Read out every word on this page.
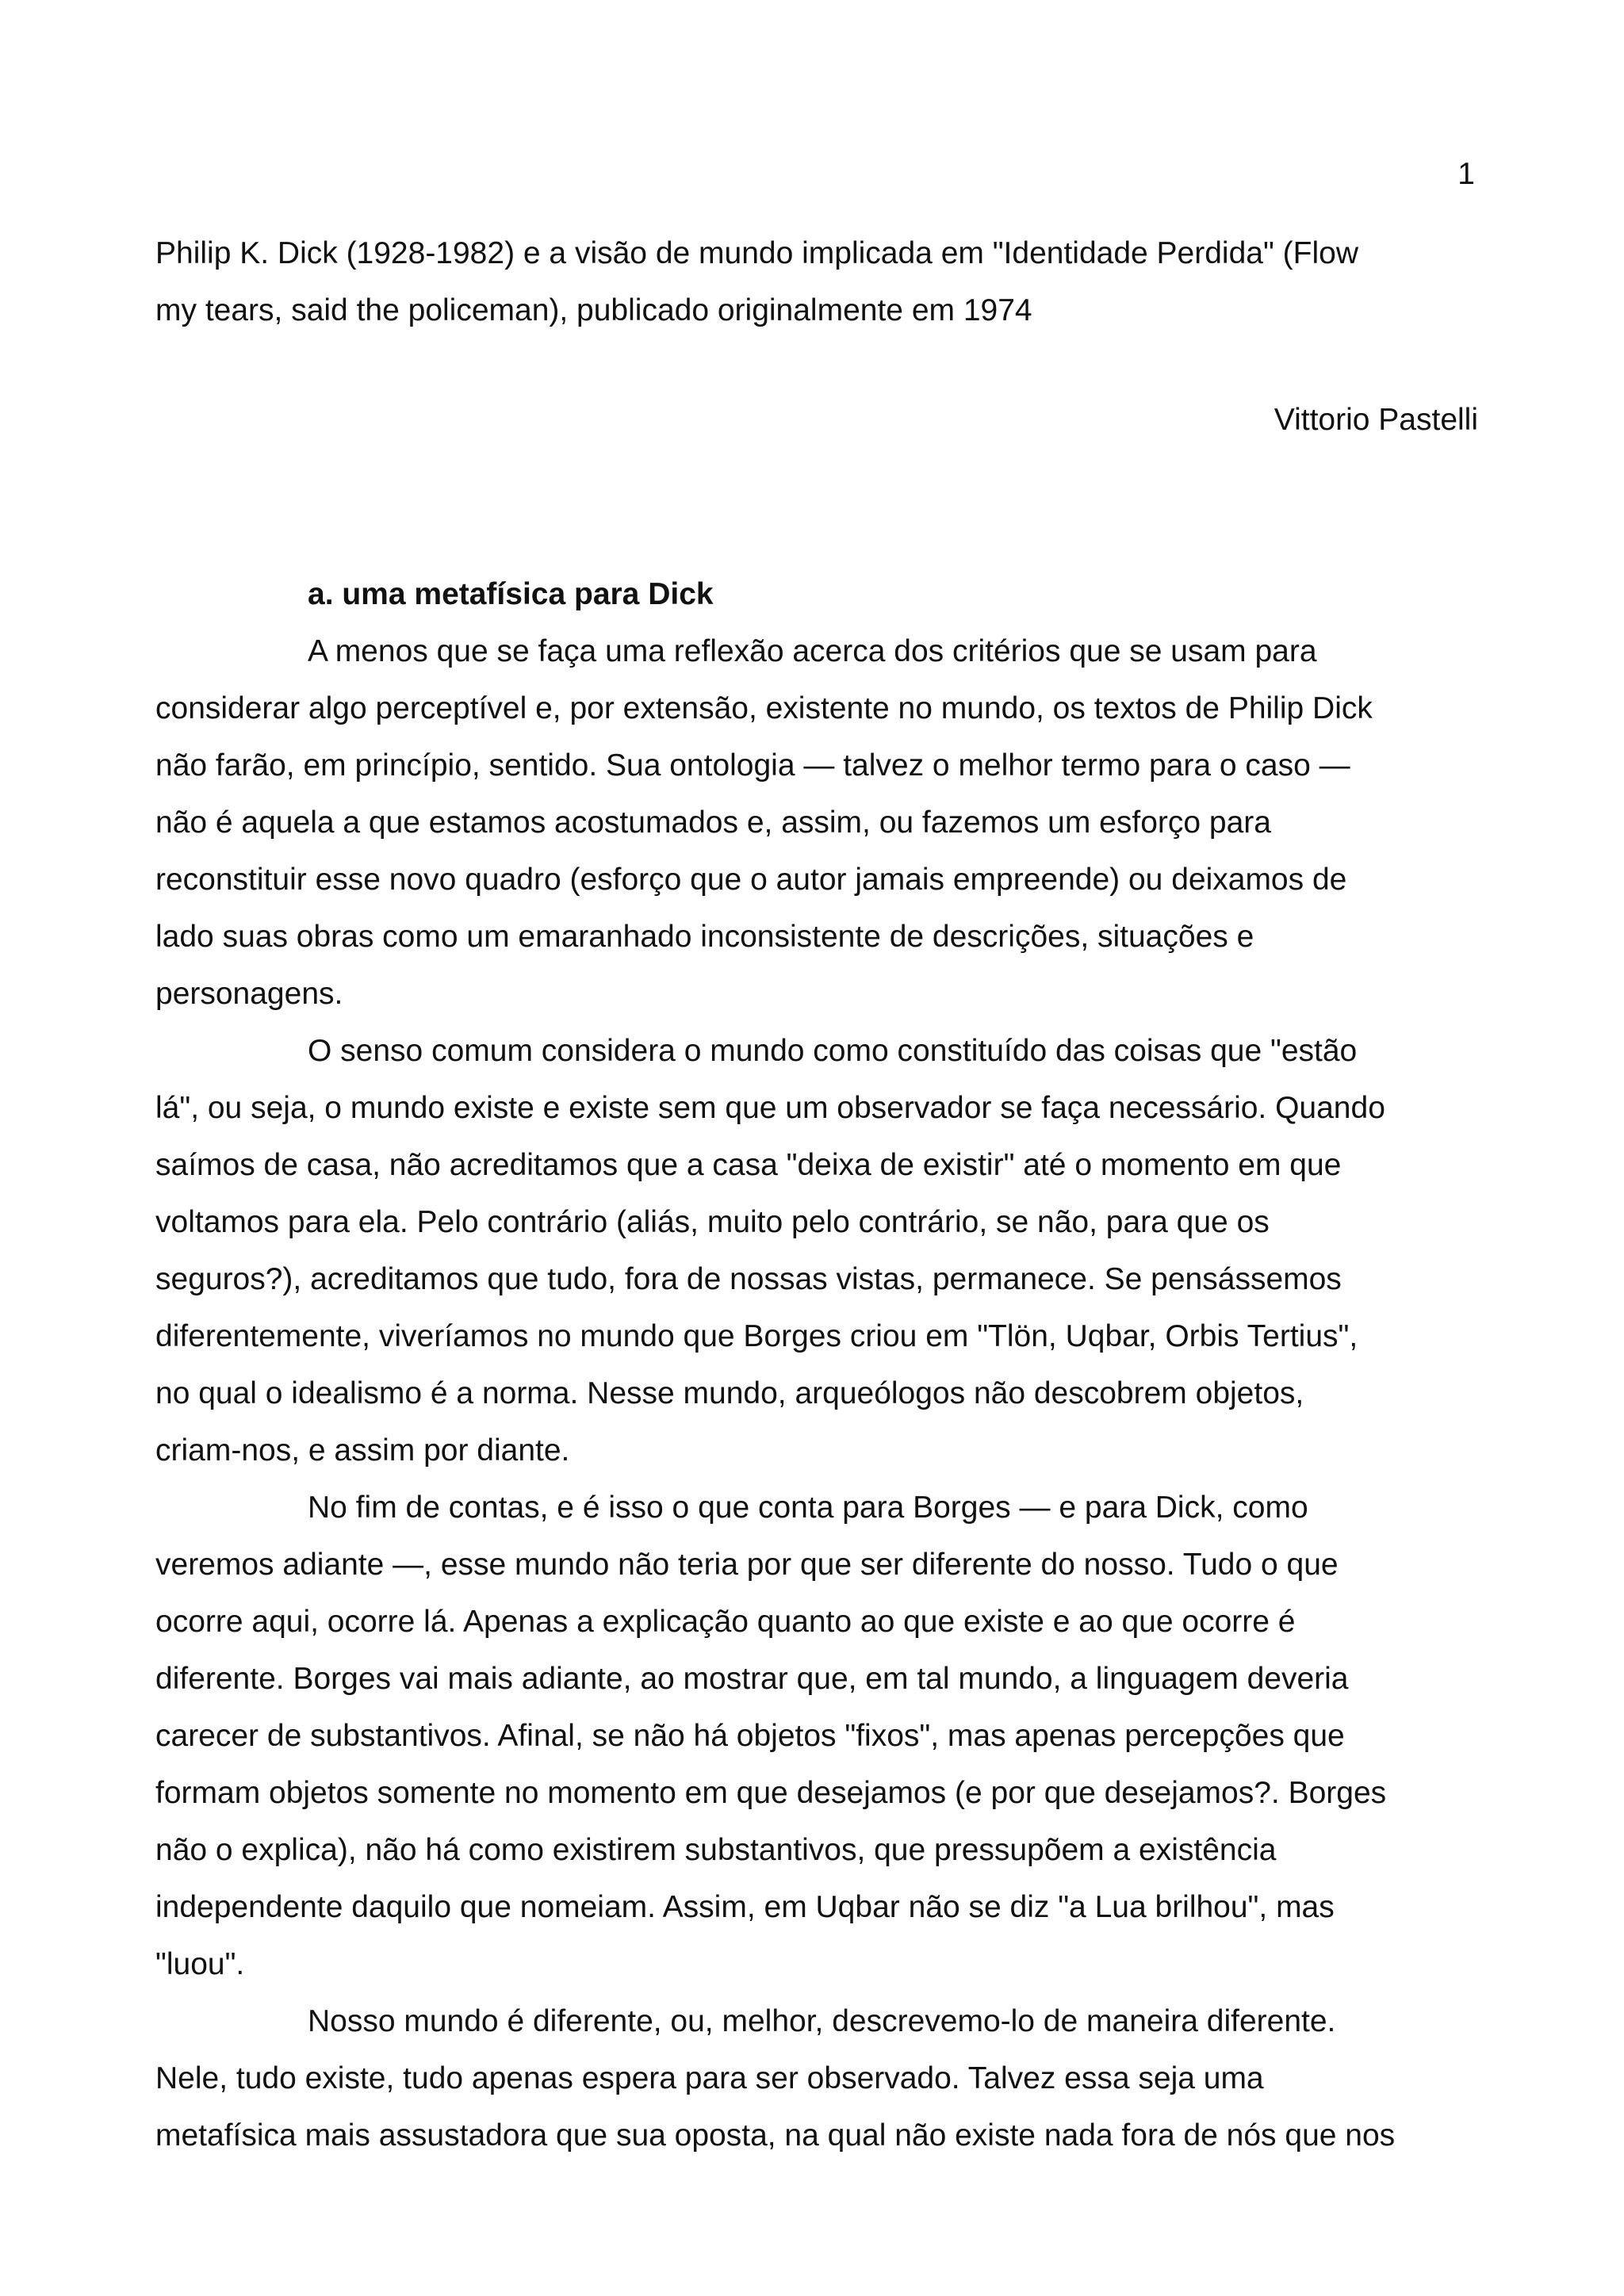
1
Philip K. Dick (1928-1982) e a visão de mundo implicada em "Identidade Perdida" (Flow
my tears, said the policeman), publicado originalmente em 1974
Vittorio Pastelli
a. uma metafísica para Dick
A menos que se faça uma reflexão acerca dos critérios que se usam para
considerar algo perceptível e, por extensão, existente no mundo, os textos de Philip Dick
não farão, em princípio, sentido. Sua ontologia — talvez o melhor termo para o caso —
não é aquela a que estamos acostumados e, assim, ou fazemos um esforço para
reconstituir esse novo quadro (esforço que o autor jamais empreende) ou deixamos de
lado suas obras como um emaranhado inconsistente de descrições, situações e
personagens.
O senso comum considera o mundo como constituído das coisas que "estão
lá", ou seja, o mundo existe e existe sem que um observador se faça necessário. Quando
saímos de casa, não acreditamos que a casa "deixa de existir" até o momento em que
voltamos para ela. Pelo contrário (aliás, muito pelo contrário, se não, para que os
seguros?), acreditamos que tudo, fora de nossas vistas, permanece. Se pensássemos
diferentemente, viveríamos no mundo que Borges criou em "Tlön, Uqbar, Orbis Tertius",
no qual o idealismo é a norma. Nesse mundo, arqueólogos não descobrem objetos,
criam-nos, e assim por diante.
No fim de contas, e é isso o que conta para Borges — e para Dick, como
veremos adiante —, esse mundo não teria por que ser diferente do nosso. Tudo o que
ocorre aqui, ocorre lá. Apenas a explicação quanto ao que existe e ao que ocorre é
diferente. Borges vai mais adiante, ao mostrar que, em tal mundo, a linguagem deveria
carecer de substantivos. Afinal, se não há objetos "fixos", mas apenas percepções que
formam objetos somente no momento em que desejamos (e por que desejamos?. Borges
não o explica), não há como existirem substantivos, que pressupõem a existência
independente daquilo que nomeiam. Assim, em Uqbar não se diz "a Lua brilhou", mas
"luou".
Nosso mundo é diferente, ou, melhor, descrevemo-lo de maneira diferente.
Nele, tudo existe, tudo apenas espera para ser observado. Talvez essa seja uma
metafísica mais assustadora que sua oposta, na qual não existe nada fora de nós que nos
